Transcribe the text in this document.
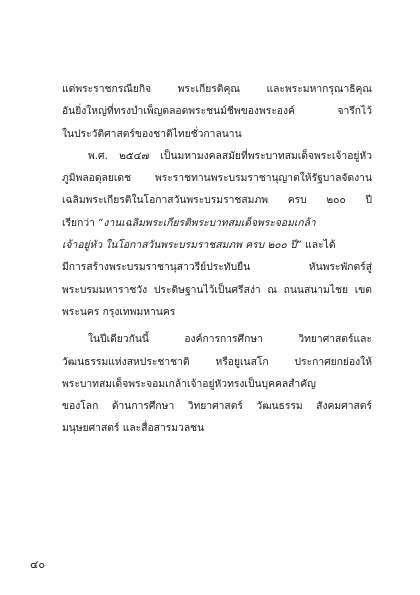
แด่พระราชกรณียกิจ พระเกียรติคุณ และพระมหากรุณาธิคุณ
อันยิ่งใหญ่ที่ทรงบำเพ็ญตลอดพระชนม์ชีพของพระองค์ จารึกไว้
ในประวัติศาสตร์ของชาติไทยชั่วกาลนาน
พ.ศ. ๒๕๔๗ เป็นมหามงคลสมัยที่พระบาทสมเด็จพระเจ้าอยู่หัว
ภูมิพลอดุลยเดช พระราชทานพระบรมราชานุญาตให้รัฐบาลจัดงาน
เฉลิมพระเกียรติในโอกาสวันพระบรมราชสมภพ ครบ ๒๐๐ ปี
เรียกว่า “งานเฉลิมพระเกียรติพระบาทสมเด็จพระจอมเกล้า
เจ้าอยู่หัว ในโอกาสวันพระบรมราชสมภพ ครบ ๒๐๐ ปี” และได้
มีการสร้างพระบรมราชานุสาวรีย์ประทับยืน หันพระพักตร์สู่
พระบรมมหาราชวัง ประดิษฐานไว้เป็นศรีสง่า ณ ถนนสนามไชย เขต
พระนคร กรุงเทพมหานคร
ในปีเดียวกันนี้ องค์การการศึกษา วิทยาศาสตร์และ
วัฒนธรรมแห่งสหประชาชาติ หรือยูเนสโก ประกาศยกย่องให้
พระบาทสมเด็จพระจอมเกล้าเจ้าอยู่หัวทรงเป็นบุคคลสำคัญ
ของโลก ด้านการศึกษา วิทยาศาสตร์ วัฒนธรรม สังคมศาสตร์
มนุษยศาสตร์ และสื่อสารมวลชน
๔๐
